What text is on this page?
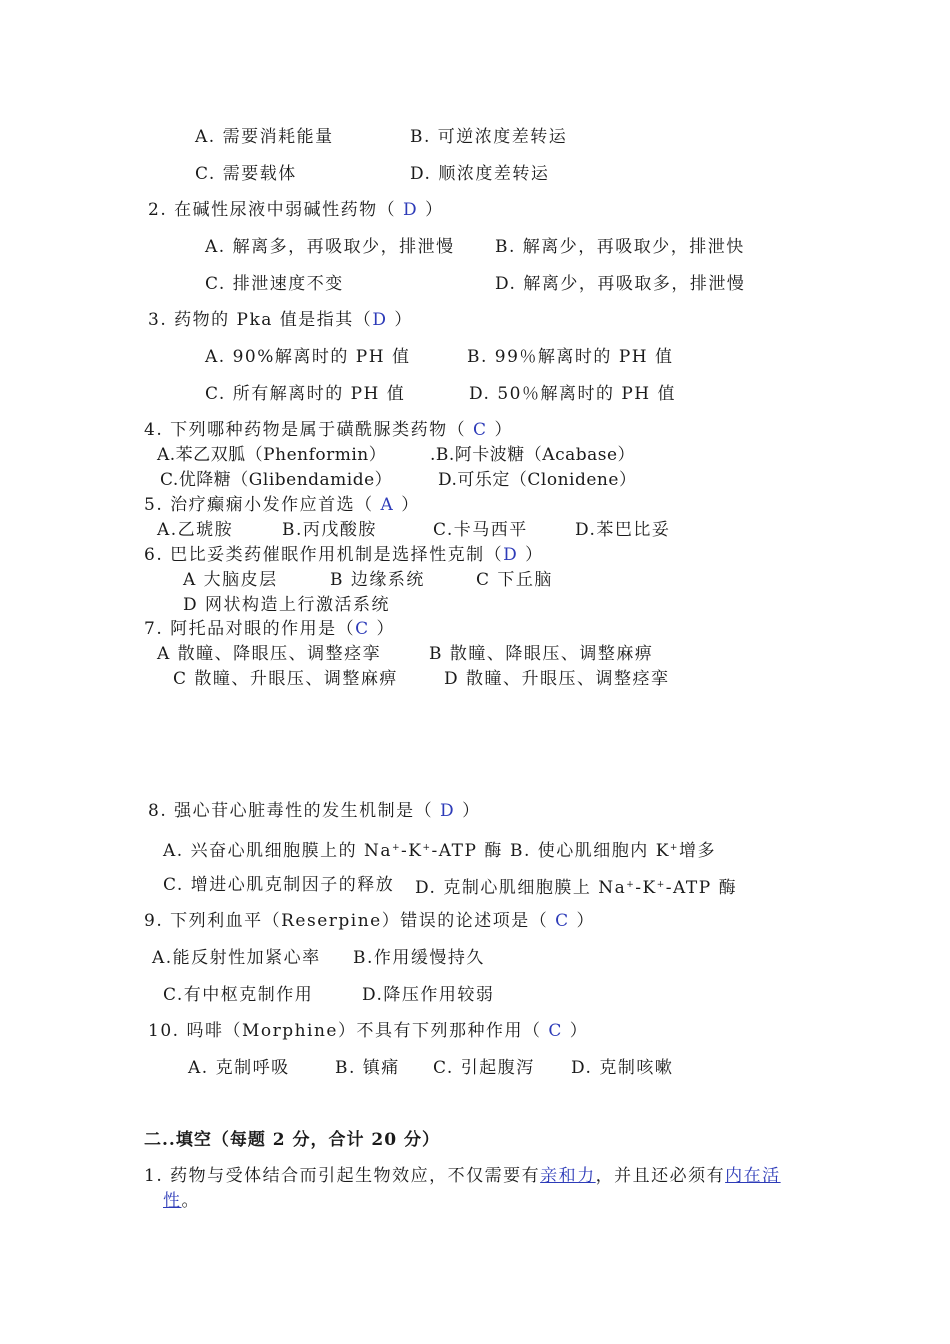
A. 需要消耗能量	B. 可逆浓度差转运
C. 需要载体	D. 顺浓度差转运
2. 在碱性尿液中弱碱性药物（ D ）
A. 解离多，再吸取少，排泄慢 B. 解离少，再吸取少，排泄快
C. 排泄速度不变	D. 解离少，再吸取多，排泄慢
3. 药物的 Pka 值是指其（D ）
A. 90%解离时的 PH 值	B. 99％解离时的 PH 值
C. 所有解离时的 PH 值	D. 50％解离时的 PH 值
4. 下列哪种药物是属于磺酰脲类药物（ C ）
A.苯乙双胍（Phenformin）	.B.阿卡波糖（Acabase）
C.优降糖（Glibendamide）	D.可乐定（Clonidene）
5. 治疗癫痫小发作应首选（ A ）
A.乙琥胺	B.丙戊酸胺	C.卡马西平	D.苯巴比妥
6. 巴比妥类药催眠作用机制是选择性克制（D ）
A 大脑皮层	B 边缘系统	C 下丘脑
D 网状构造上行激活系统
7. 阿托品对眼的作用是（C ）
A 散瞳、降眼压、调整痉挛	B 散瞳、降眼压、调整麻痹
C 散瞳、升眼压、调整麻痹	D 散瞳、升眼压、调整痉挛
8. 强心苷心脏毒性的发生机制是（ D ）
A. 兴奋心肌细胞膜上的 Na+-K+-ATP 酶 B. 使心肌细胞内 K+增多
C. 增进心肌克制因子的释放 D. 克制心肌细胞膜上 Na+-K+-ATP 酶
9. 下列利血平（Reserpine）错误的论述项是（ C ）
A.能反射性加紧心率 B.作用缓慢持久
C.有中枢克制作用	D.降压作用较弱
10. 吗啡（Morphine）不具有下列那种作用（ C ）
A. 克制呼吸	B. 镇痛 C. 引起腹泻 D. 克制咳嗽
二..填空（每题 2 分，合计 20 分）
1. 药物与受体结合而引起生物效应，不仅需要有亲和力，并且还必须有内在活
性。
